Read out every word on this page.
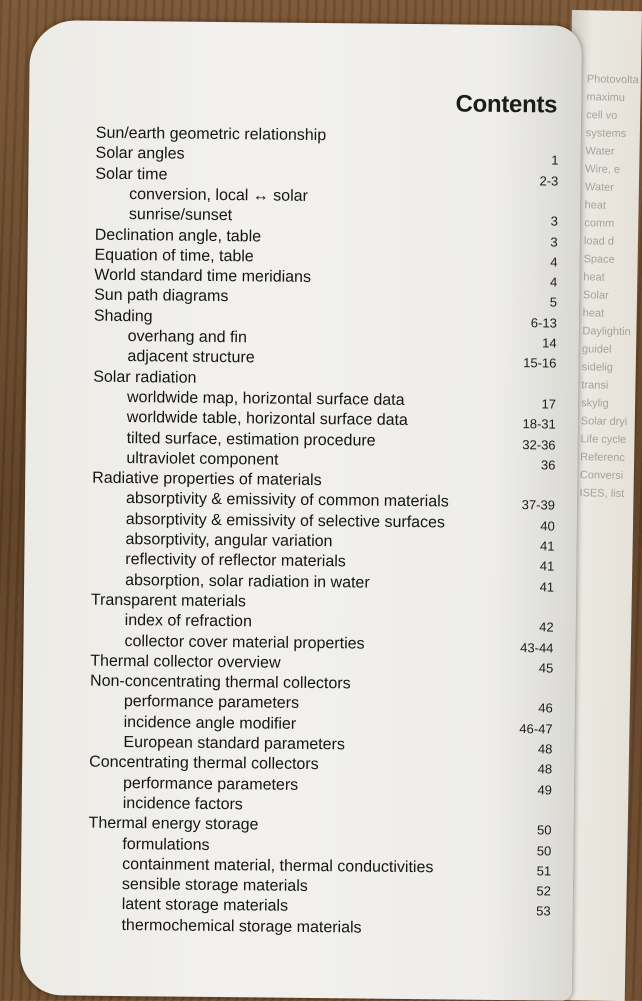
Photovolta
maximu
cell vo
systems
Water
Wire, e
Water heat
comm
load d
Space heat
Solar heat
Daylightin
guidel
sidelig
transi
skylig
Solar dryi
Life cycle
Referenc
Conversi
ISES, list
Contents
Sun/earth geometric relationship
Solar angles	1
Solar time	2-3
conversion, local ↔ solar
sunrise/sunset	3
Declination angle, table	3
Equation of time, table	4
World standard time meridians	4
Sun path diagrams	5
Shading	6-13
overhang and fin	14
adjacent structure	15-16
Solar radiation
worldwide map, horizontal surface data	17
worldwide table, horizontal surface data	18-31
tilted surface, estimation procedure	32-36
ultraviolet component	36
Radiative properties of materials
absorptivity & emissivity of common materials	37-39
absorptivity & emissivity of selective surfaces	40
absorptivity, angular variation	41
reflectivity of reflector materials	41
absorption, solar radiation in water	41
Transparent materials
index of refraction	42
collector cover material properties	43-44
Thermal collector overview	45
Non-concentrating thermal collectors
performance parameters	46
incidence angle modifier	46-47
European standard parameters	48
Concentrating thermal collectors	48
performance parameters	49
incidence factors
Thermal energy storage	50
formulations	50
containment material, thermal conductivities	51
sensible storage materials	52
latent storage materials	53
thermochemical storage materials
